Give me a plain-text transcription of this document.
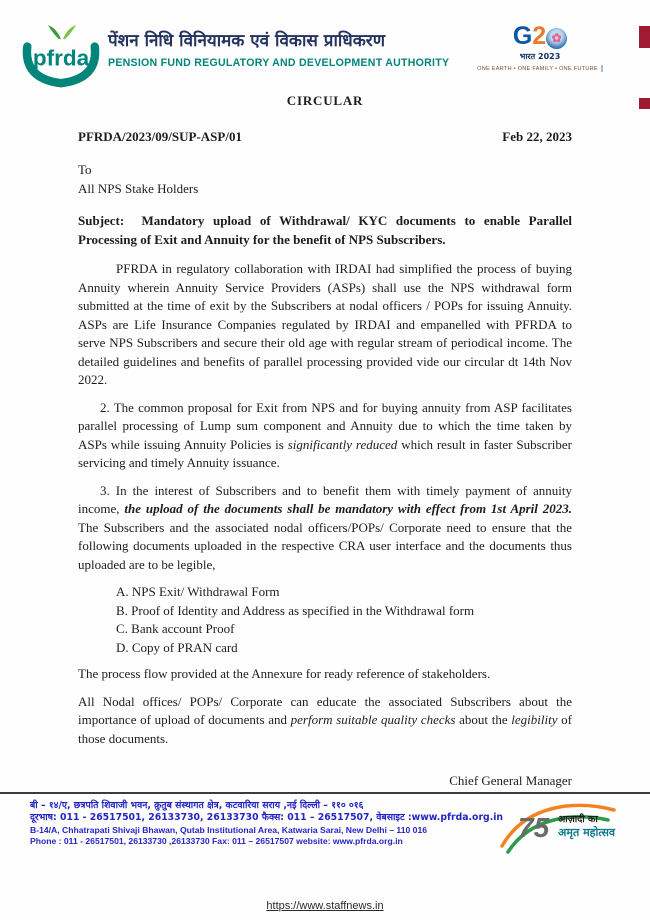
pfrda
पेंशन निधि विनियामक एवं विकास प्राधिकरण
PENSION FUND REGULATORY AND DEVELOPMENT AUTHORITY
G2 ✿
भारत 2023
ONE EARTH • ONE FAMILY • ONE FUTURE
CIRCULAR
PFRDA/2023/09/SUP-ASP/01	Feb 22, 2023
To
All NPS Stake Holders

Subject: Mandatory upload of Withdrawal/ KYC documents to enable Parallel Processing of Exit and Annuity for the benefit of NPS Subscribers.

PFRDA in regulatory collaboration with IRDAI had simplified the process of buying Annuity wherein Annuity Service Providers (ASPs) shall use the NPS withdrawal form submitted at the time of exit by the Subscribers at nodal officers / POPs for issuing Annuity. ASPs are Life Insurance Companies regulated by IRDAI and empanelled with PFRDA to serve NPS Subscribers and secure their old age with regular stream of periodical income. The detailed guidelines and benefits of parallel processing provided vide our circular dt 14th Nov 2022.

2. The common proposal for Exit from NPS and for buying annuity from ASP facilitates parallel processing of Lump sum component and Annuity due to which the time taken by ASPs while issuing Annuity Policies is significantly reduced which result in faster Subscriber servicing and timely Annuity issuance.

3. In the interest of Subscribers and to benefit them with timely payment of annuity income, the upload of the documents shall be mandatory with effect from 1st April 2023. The Subscribers and the associated nodal officers/POPs/ Corporate need to ensure that the following documents uploaded in the respective CRA user interface and the documents thus uploaded are to be legible,

A. NPS Exit/ Withdrawal Form
B. Proof of Identity and Address as specified in the Withdrawal form
C. Bank account Proof
D. Copy of PRAN card

The process flow provided at the Annexure for ready reference of stakeholders.

All Nodal offices/ POPs/ Corporate can educate the associated Subscribers about the importance of upload of documents and perform suitable quality checks about the legibility of those documents.

Chief General Manager
बी – १४/ए, छत्रपति शिवाजी भवन, क़ुतुब संस्थागत क्षेत्र, कटवारिया सराय ,नई दिल्ली – ११० ०१६
दूरभाष: 011 - 26517501, 26133730, 26133730 फैक्स: 011 – 26517507, वेबसाइट :www.pfrda.org.in
B-14/A, Chhatrapati Shivaji Bhawan, Qutab Institutional Area, Katwaria Sarai, New Delhi – 110 016
Phone : 011 - 26517501, 26133730 ,26133730 Fax: 011 – 26517507 website: www.pfrda.org.in	75 आज़ादी का
अमृत महोत्सव
https://www.staffnews.in
